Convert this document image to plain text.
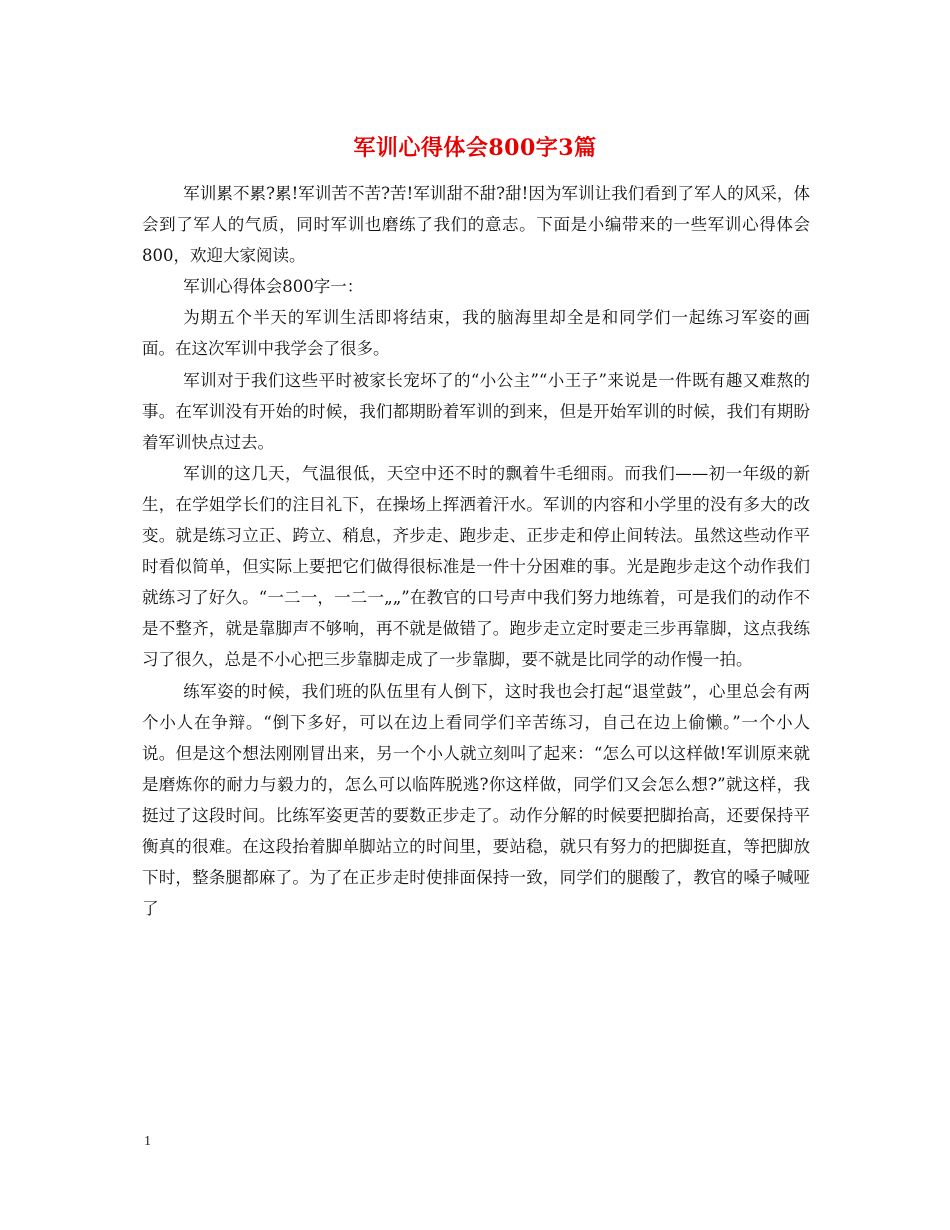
军训心得体会800字3篇

军训累不累?累!军训苦不苦?苦!军训甜不甜?甜!因为军训让我们看到了军人的风采，体会到了军人的气质，同时军训也磨练了我们的意志。下面是小编带来的一些军训心得体会800，欢迎大家阅读。

军训心得体会800字一：

为期五个半天的军训生活即将结束，我的脑海里却全是和同学们一起练习军姿的画面。在这次军训中我学会了很多。

军训对于我们这些平时被家长宠坏了的“小公主”“小王子”来说是一件既有趣又难熬的事。在军训没有开始的时候，我们都期盼着军训的到来，但是开始军训的时候，我们有期盼着军训快点过去。

军训的这几天，气温很低，天空中还不时的飘着牛毛细雨。而我们——初一年级的新生，在学姐学长们的注目礼下，在操场上挥洒着汗水。军训的内容和小学里的没有多大的改变。就是练习立正、跨立、稍息，齐步走、跑步走、正步走和停止间转法。虽然这些动作平时看似简单，但实际上要把它们做得很标准是一件十分困难的事。光是跑步走这个动作我们就练习了好久。“一二一，一二一„„”在教官的口号声中我们努力地练着，可是我们的动作不是不整齐，就是靠脚声不够响，再不就是做错了。跑步走立定时要走三步再靠脚，这点我练习了很久，总是不小心把三步靠脚走成了一步靠脚，要不就是比同学的动作慢一拍。

练军姿的时候，我们班的队伍里有人倒下，这时我也会打起“退堂鼓”，心里总会有两个小人在争辩。“倒下多好，可以在边上看同学们辛苦练习，自己在边上偷懒。”一个小人说。但是这个想法刚刚冒出来，另一个小人就立刻叫了起来：“怎么可以这样做!军训原来就是磨炼你的耐力与毅力的，怎么可以临阵脱逃?你这样做，同学们又会怎么想?”就这样，我挺过了这段时间。比练军姿更苦的要数正步走了。动作分解的时候要把脚抬高，还要保持平衡真的很难。在这段抬着脚单脚站立的时间里，要站稳，就只有努力的把脚挺直，等把脚放下时，整条腿都麻了。为了在正步走时使排面保持一致，同学们的腿酸了，教官的嗓子喊哑了

1
